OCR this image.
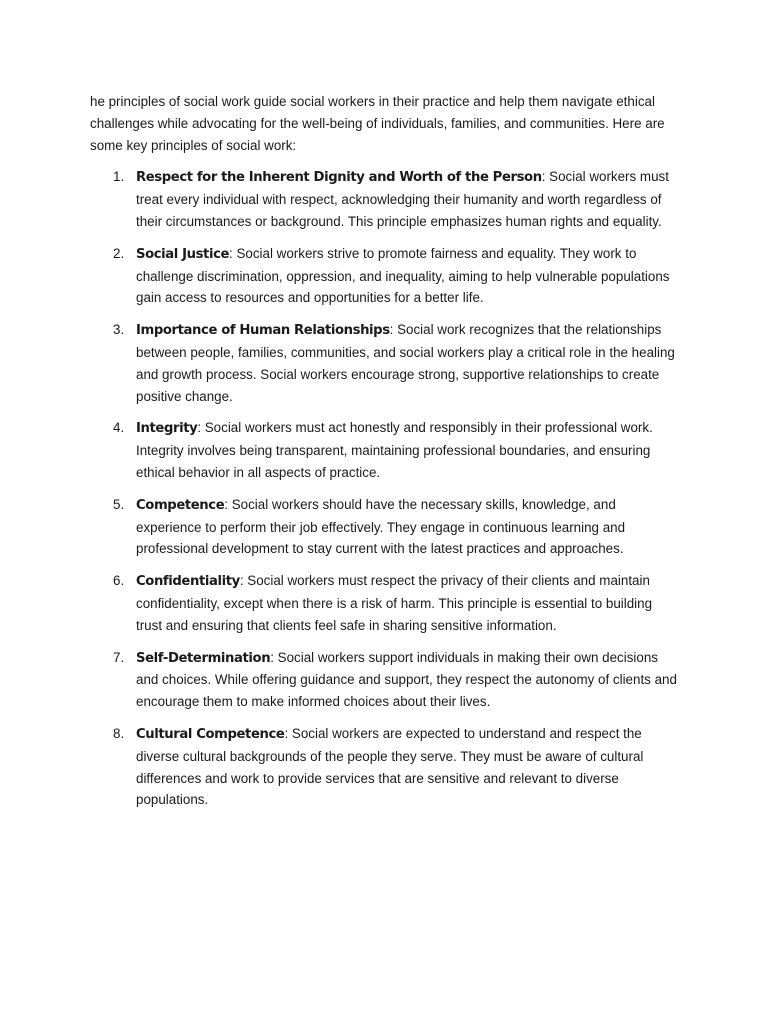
he principles of social work guide social workers in their practice and help them navigate ethical challenges while advocating for the well-being of individuals, families, and communities. Here are some key principles of social work:

1. Respect for the Inherent Dignity and Worth of the Person: Social workers must treat every individual with respect, acknowledging their humanity and worth regardless of their circumstances or background. This principle emphasizes human rights and equality.
2. Social Justice: Social workers strive to promote fairness and equality. They work to challenge discrimination, oppression, and inequality, aiming to help vulnerable populations gain access to resources and opportunities for a better life.
3. Importance of Human Relationships: Social work recognizes that the relationships between people, families, communities, and social workers play a critical role in the healing and growth process. Social workers encourage strong, supportive relationships to create positive change.
4. Integrity: Social workers must act honestly and responsibly in their professional work. Integrity involves being transparent, maintaining professional boundaries, and ensuring ethical behavior in all aspects of practice.
5. Competence: Social workers should have the necessary skills, knowledge, and experience to perform their job effectively. They engage in continuous learning and professional development to stay current with the latest practices and approaches.
6. Confidentiality: Social workers must respect the privacy of their clients and maintain confidentiality, except when there is a risk of harm. This principle is essential to building trust and ensuring that clients feel safe in sharing sensitive information.
7. Self-Determination: Social workers support individuals in making their own decisions and choices. While offering guidance and support, they respect the autonomy of clients and encourage them to make informed choices about their lives.
8. Cultural Competence: Social workers are expected to understand and respect the diverse cultural backgrounds of the people they serve. They must be aware of cultural differences and work to provide services that are sensitive and relevant to diverse populations.
